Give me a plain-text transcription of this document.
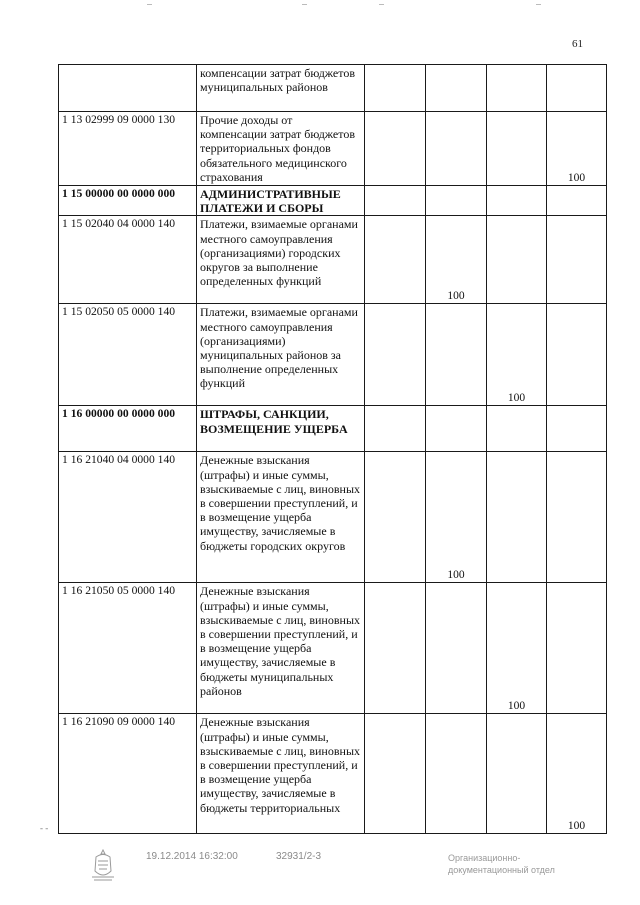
61
	компенсации затрат бюджетов муниципальных районов				
1 13 02999 09 0000 130	Прочие доходы от компенсации затрат бюджетов территориальных фондов обязательного медицинского страхования				100
1 15 00000 00 0000 000	АДМИНИСТРАТИВНЫЕ ПЛАТЕЖИ И СБОРЫ				
1 15 02040 04 0000 140	Платежи, взимаемые органами местного самоуправления (организациями) городских округов за выполнение определенных функций		100		
1 15 02050 05 0000 140	Платежи, взимаемые органами местного самоуправления (организациями) муниципальных районов за выполнение определенных функций			100	
1 16 00000 00 0000 000	ШТРАФЫ, САНКЦИИ, ВОЗМЕЩЕНИЕ УЩЕРБА				
1 16 21040 04 0000 140	Денежные взыскания (штрафы) и иные суммы, взыскиваемые с лиц, виновных в совершении преступлений, и в возмещение ущерба имуществу, зачисляемые в бюджеты городских округов		100		
1 16 21050 05 0000 140	Денежные взыскания (штрафы) и иные суммы, взыскиваемые с лиц, виновных в совершении преступлений, и в возмещение ущерба имуществу, зачисляемые в бюджеты муниципальных районов			100	
1 16 21090 09 0000 140	Денежные взыскания (штрафы) и иные суммы, взыскиваемые с лиц, виновных в совершении преступлений, и в возмещение ущерба имуществу, зачисляемые в бюджеты территориальных				100
- -
19.12.2014 16:32:00	32931/2-3	Организационно-
документационный отдел
